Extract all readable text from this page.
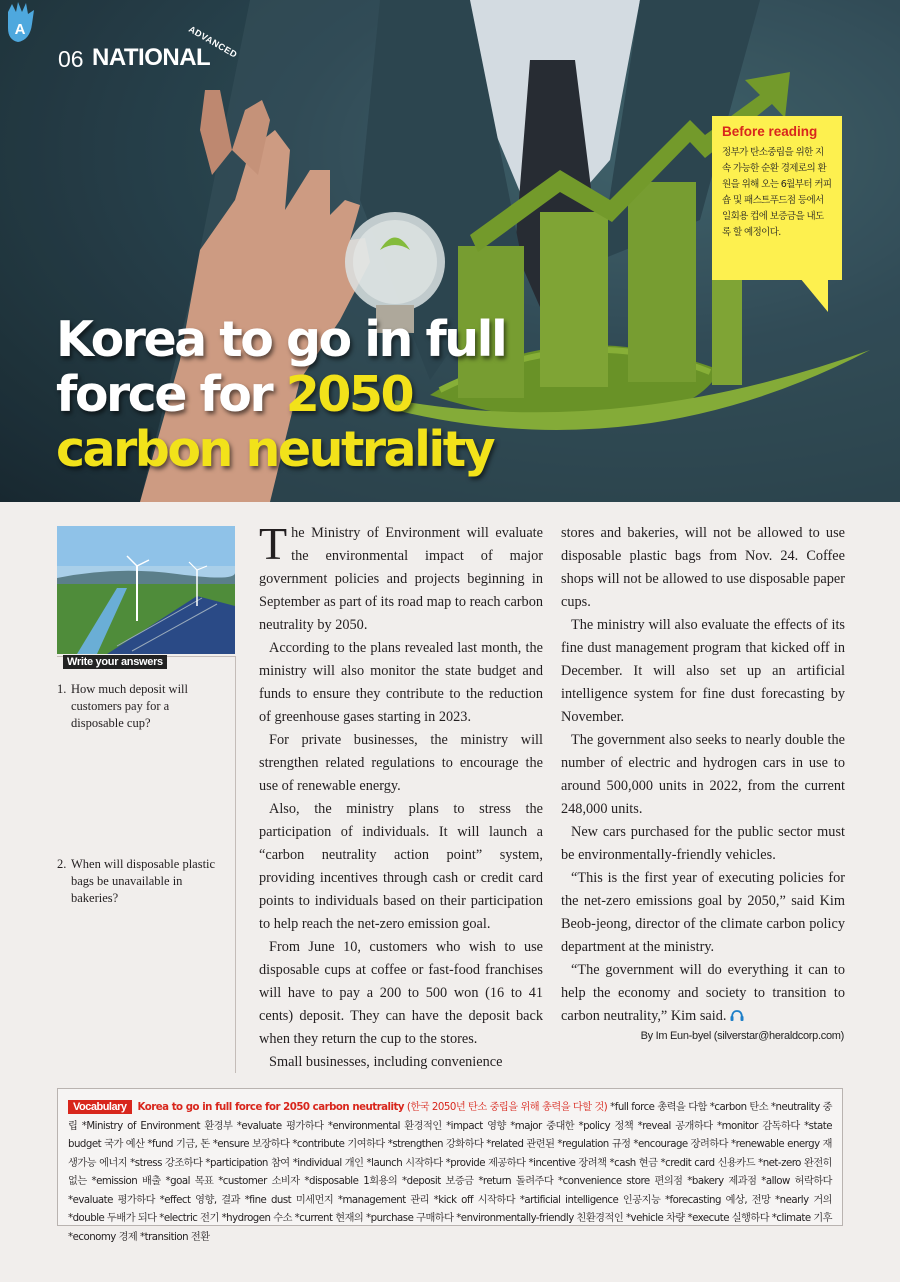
06 NATIONAL
ADVANCED
A
Korea to go in full
force for 2050
carbon neutrality
Before reading

정부가 탄소중립을 위한 지속 가능한 순환 경제로의 환원을 위해 오는 6월부터 커피숍 및 패스트푸드점 등에서 일회용 컵에 보증금을 내도록 할 예정이다.

Write your answers
1. How much deposit will customers pay for a disposable cup?
2. When will disposable plastic bags be unavailable in bakeries?

The Ministry of Environment will evaluate the environmental impact of major government policies and projects beginning in September as part of its road map to reach carbon neutrality by 2050.

According to the plans revealed last month, the ministry will also monitor the state budget and funds to ensure they contribute to the reduction of greenhouse gases starting in 2023.

For private businesses, the ministry will strengthen related regulations to encourage the use of renewable energy.

Also, the ministry plans to stress the participation of individuals. It will launch a “carbon neutrality action point” system, providing incentives through cash or credit card points to individuals based on their participation to help reach the net-zero emission goal.

From June 10, customers who wish to use disposable cups at coffee or fast-food franchises will have to pay a 200 to 500 won (16 to 41 cents) deposit. They can have the deposit back when they return the cup to the stores.

Small businesses, including convenience

stores and bakeries, will not be allowed to use disposable plastic bags from Nov. 24. Coffee shops will not be allowed to use disposable paper cups.

The ministry will also evaluate the effects of its fine dust management program that kicked off in December. It will also set up an artificial intelligence system for fine dust forecasting by November.

The government also seeks to nearly double the number of electric and hydrogen cars in use to around 500,000 units in 2022, from the current 248,000 units.

New cars purchased for the public sector must be environmentally-friendly vehicles.

“This is the first year of executing policies for the net-zero emissions goal by 2050,” said Kim Beob-jeong, director of the climate carbon policy department at the ministry.

“The government will do everything it can to help the economy and society to transition to carbon neutrality,” Kim said.

By Im Eun-byel (silverstar@heraldcorp.com)
Vocabulary Korea to go in full force for 2050 carbon neutrality (한국 2050년 탄소 중립을 위해 총력을 다할 것) *full force 총력을 다함 *carbon 탄소 *neutrality 중립 *Ministry of Environment 환경부 *evaluate 평가하다 *environmental 환경적인 *impact 영향 *major 중대한 *policy 정책 *reveal 공개하다 *monitor 감독하다 *state budget 국가 예산 *fund 기금, 돈 *ensure 보장하다 *contribute 기여하다 *strengthen 강화하다 *related 관련된 *regulation 규정 *encourage 장려하다 *renewable energy 재생가능 에너지 *stress 강조하다 *participation 참여 *individual 개인 *launch 시작하다 *provide 제공하다 *incentive 장려책 *cash 현금 *credit card 신용카드 *net-zero 완전히 없는 *emission 배출 *goal 목표 *customer 소비자 *disposable 1회용의 *deposit 보증금 *return 돌려주다 *convenience store 편의점 *bakery 제과점 *allow 허락하다 *evaluate 평가하다 *effect 영향, 결과 *fine dust 미세먼지 *management 관리 *kick off 시작하다 *artificial intelligence 인공지능 *forecasting 예상, 전망 *nearly 거의 *double 두배가 되다 *electric 전기 *hydrogen 수소 *current 현재의 *purchase 구매하다 *environmentally-friendly 친환경적인 *vehicle 차량 *execute 실행하다 *climate 기후 *economy 경제 *transition 전환
